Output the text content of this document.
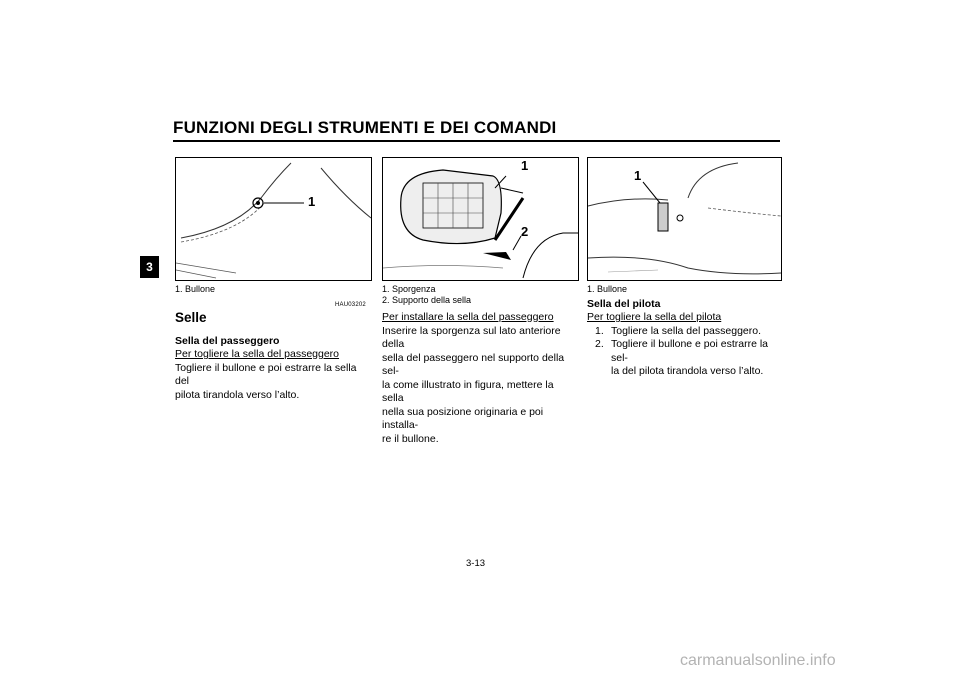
FUNZIONI DEGLI STRUMENTI E DEI COMANDI
3
1
1
2
1
1. Bullone	1. Sporgenza
2. Supporto della sella
1. Bullone
HAU03202
Selle
Sella del passeggero
Per togliere la sella del passeggero
Togliere il bullone e poi estrarre la sella del
pilota tirandola verso l’alto.
Per installare la sella del passeggero
Inserire la sporgenza sul lato anteriore della
sella del passeggero nel supporto della sel-
la come illustrato in figura, mettere la sella
nella sua posizione originaria e poi installa-
re il bullone.
Sella del pilota
Per togliere la sella del pilota
1. Togliere la sella del passeggero.
2. Togliere il bullone e poi estrarre la sel-
la del pilota tirandola verso l’alto.
3-13
carmanualsonline.info
